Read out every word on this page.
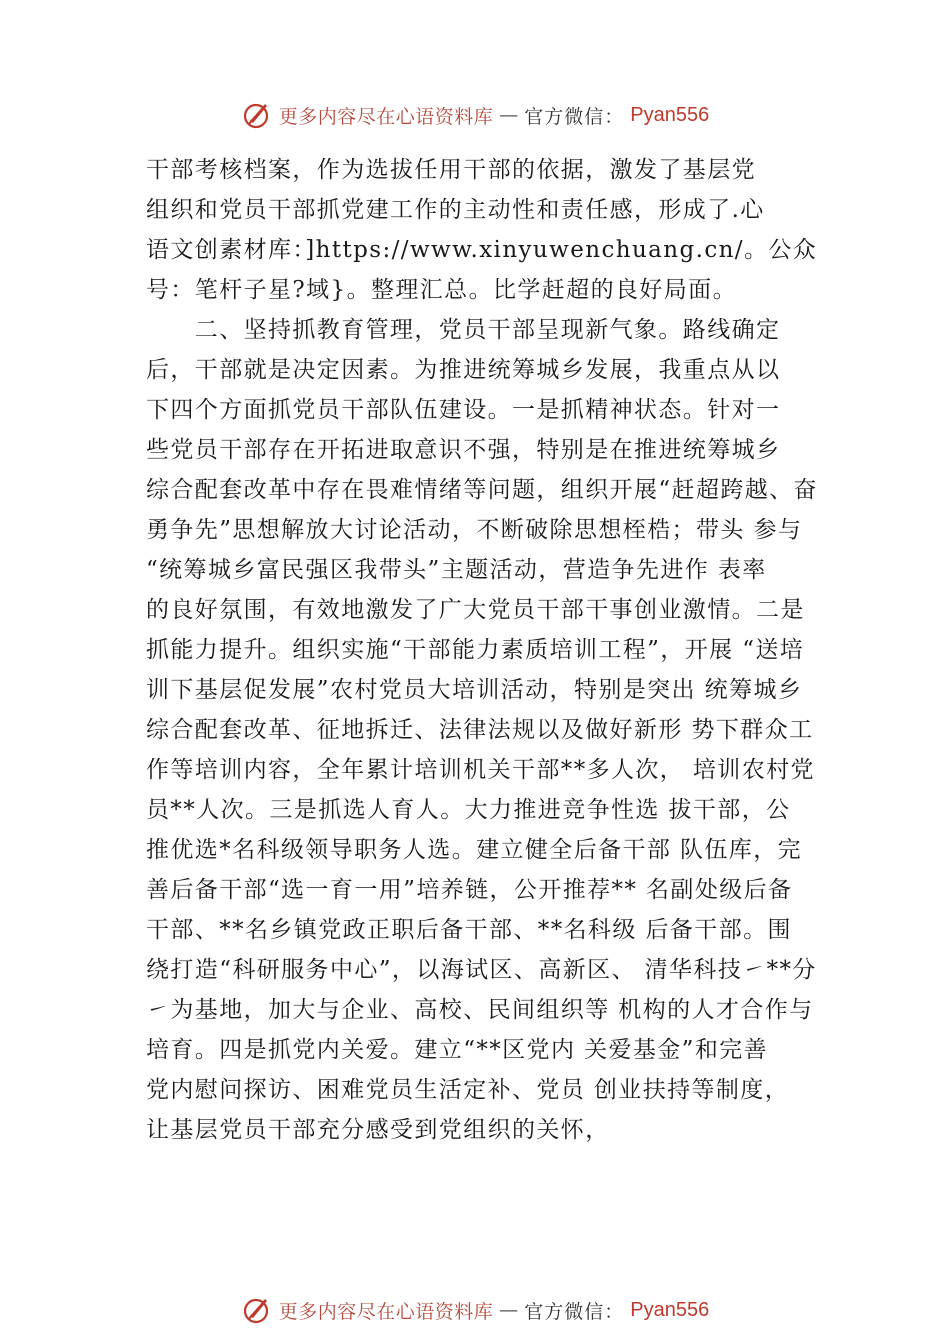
更多内容尽在心语资料库 — 官方微信： Pyan556
干部考核档案，作为选拔任用干部的依据，激发了基层党
组织和党员干部抓党建工作的主动性和责任感，形成了.心
语文创素材库：]https://www.xinyuwenchuang.cn/。公众
号：笔杆子星?域}。整理汇总。比学赶超的良好局面。
　　二、坚持抓教育管理，党员干部呈现新气象。路线确定
后，干部就是决定因素。为推进统筹城乡发展，我重点从以
下四个方面抓党员干部队伍建设。一是抓精神状态。针对一
些党员干部存在开拓进取意识不强，特别是在推进统筹城乡
综合配套改革中存在畏难情绪等问题，组织开展“赶超跨越、奋
勇争先”思想解放大讨论活动，不断破除思想桎梏；带头 参与
“统筹城乡富民强区我带头”主题活动，营造争先进作 表率
的良好氛围，有效地激发了广大党员干部干事创业激情。二是
抓能力提升。组织实施“干部能力素质培训工程”，开展 “送培
训下基层促发展”农村党员大培训活动，特别是突出 统筹城乡
综合配套改革、征地拆迁、法律法规以及做好新形 势下群众工
作等培训内容，全年累计培训机关干部**多人次， 培训农村党
员**人次。三是抓选人育人。大力推进竞争性选 拔干部，公
推优选*名科级领导职务人选。建立健全后备干部 队伍库，完
善后备干部“选一育一用”培养链，公开推荐** 名副处级后备
干部、**名乡镇党政正职后备干部、**名科级 后备干部。围
绕打造“科研服务中心”，以海试区、高新区、 清华科技㇀**分
㇀为基地，加大与企业、高校、民间组织等 机构的人才合作与
培育。四是抓党内关爱。建立“**区党内 关爱基金”和完善
党内慰问探访、困难党员生活定补、党员 创业扶持等制度，
让基层党员干部充分感受到党组织的关怀，
更多内容尽在心语资料库 — 官方微信： Pyan556
